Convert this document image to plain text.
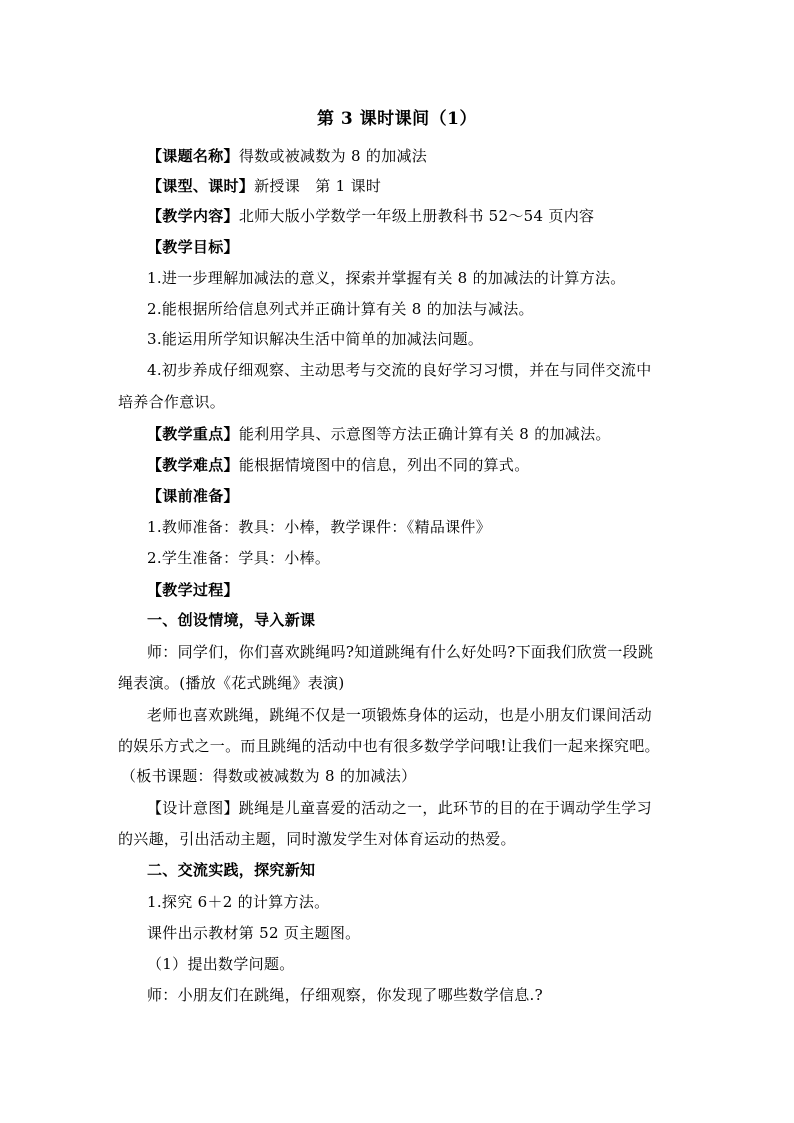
第 3 课时课间（1）
【课题名称】得数或被减数为 8 的加减法
【课型、课时】新授课　第 1 课时
【教学内容】北师大版小学数学一年级上册教科书 52～54 页内容
【教学目标】
1.进一步理解加减法的意义，探索并掌握有关 8 的加减法的计算方法。
2.能根据所给信息列式并正确计算有关 8 的加法与减法。
3.能运用所学知识解决生活中简单的加减法问题。
4.初步养成仔细观察、主动思考与交流的良好学习习惯，并在与同伴交流中
培养合作意识。
【教学重点】能利用学具、示意图等方法正确计算有关 8 的加减法。
【教学难点】能根据情境图中的信息，列出不同的算式。
【课前准备】
1.教师准备：教具：小棒，教学课件：《精品课件》
2.学生准备：学具：小棒。
【教学过程】
一、创设情境，导入新课
师：同学们，你们喜欢跳绳吗?知道跳绳有什么好处吗?下面我们欣赏一段跳
绳表演。(播放《花式跳绳》表演)
老师也喜欢跳绳，跳绳不仅是一项锻炼身体的运动，也是小朋友们课间活动
的娱乐方式之一。而且跳绳的活动中也有很多数学学问哦!让我们一起来探究吧。
（板书课题：得数或被减数为 8 的加减法）
【设计意图】跳绳是儿童喜爱的活动之一，此环节的目的在于调动学生学习
的兴趣，引出活动主题，同时激发学生对体育运动的热爱。
二、交流实践，探究新知
1.探究 6＋2 的计算方法。
课件出示教材第 52 页主题图。
（1）提出数学问题。
师：小朋友们在跳绳，仔细观察，你发现了哪些数学信息.?
